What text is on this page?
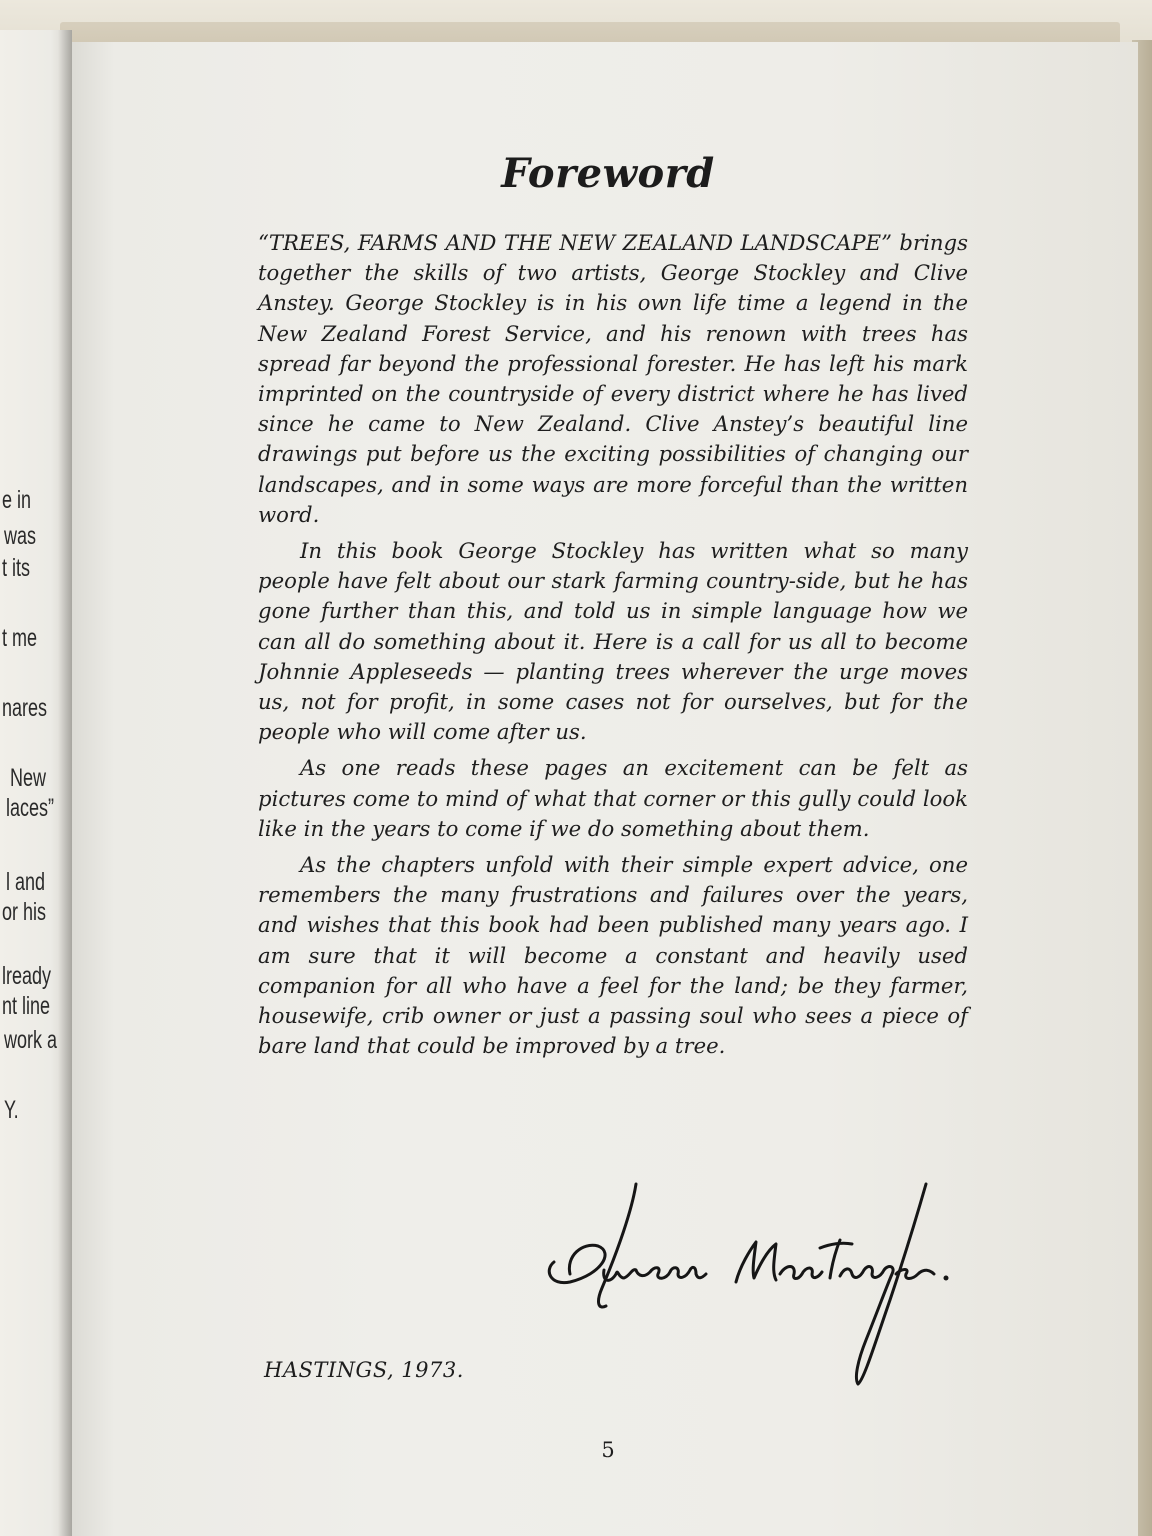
e in
was
t its
t me
nares
New
laces”
l and
or his
lready
nt line
work a
Y.
Foreword

“TREES, FARMS AND THE NEW ZEALAND LANDSCAPE” brings together the skills of two artists, George Stockley and Clive Anstey. George Stockley is in his own life time a legend in the New Zealand Forest Service, and his renown with trees has spread far beyond the professional forester. He has left his mark imprinted on the countryside of every district where he has lived since he came to New Zealand. Clive Anstey’s beautiful line drawings put before us the exciting possibilities of changing our landscapes, and in some ways are more forceful than the written word.

In this book George Stockley has written what so many people have felt about our stark farming country-side, but he has gone further than this, and told us in simple language how we can all do something about it. Here is a call for us all to become Johnnie Appleseeds — planting trees wherever the urge moves us, not for profit, in some cases not for ourselves, but for the people who will come after us.

As one reads these pages an excitement can be felt as pictures come to mind of what that corner or this gully could look like in the years to come if we do something about them.

As the chapters unfold with their simple expert advice, one remembers the many frustrations and failures over the years, and wishes that this book had been published many years ago. I am sure that it will become a constant and heavily used companion for all who have a feel for the land; be they farmer, housewife, crib owner or just a passing soul who sees a piece of bare land that could be improved by a tree.

HASTINGS, 1973.
5
